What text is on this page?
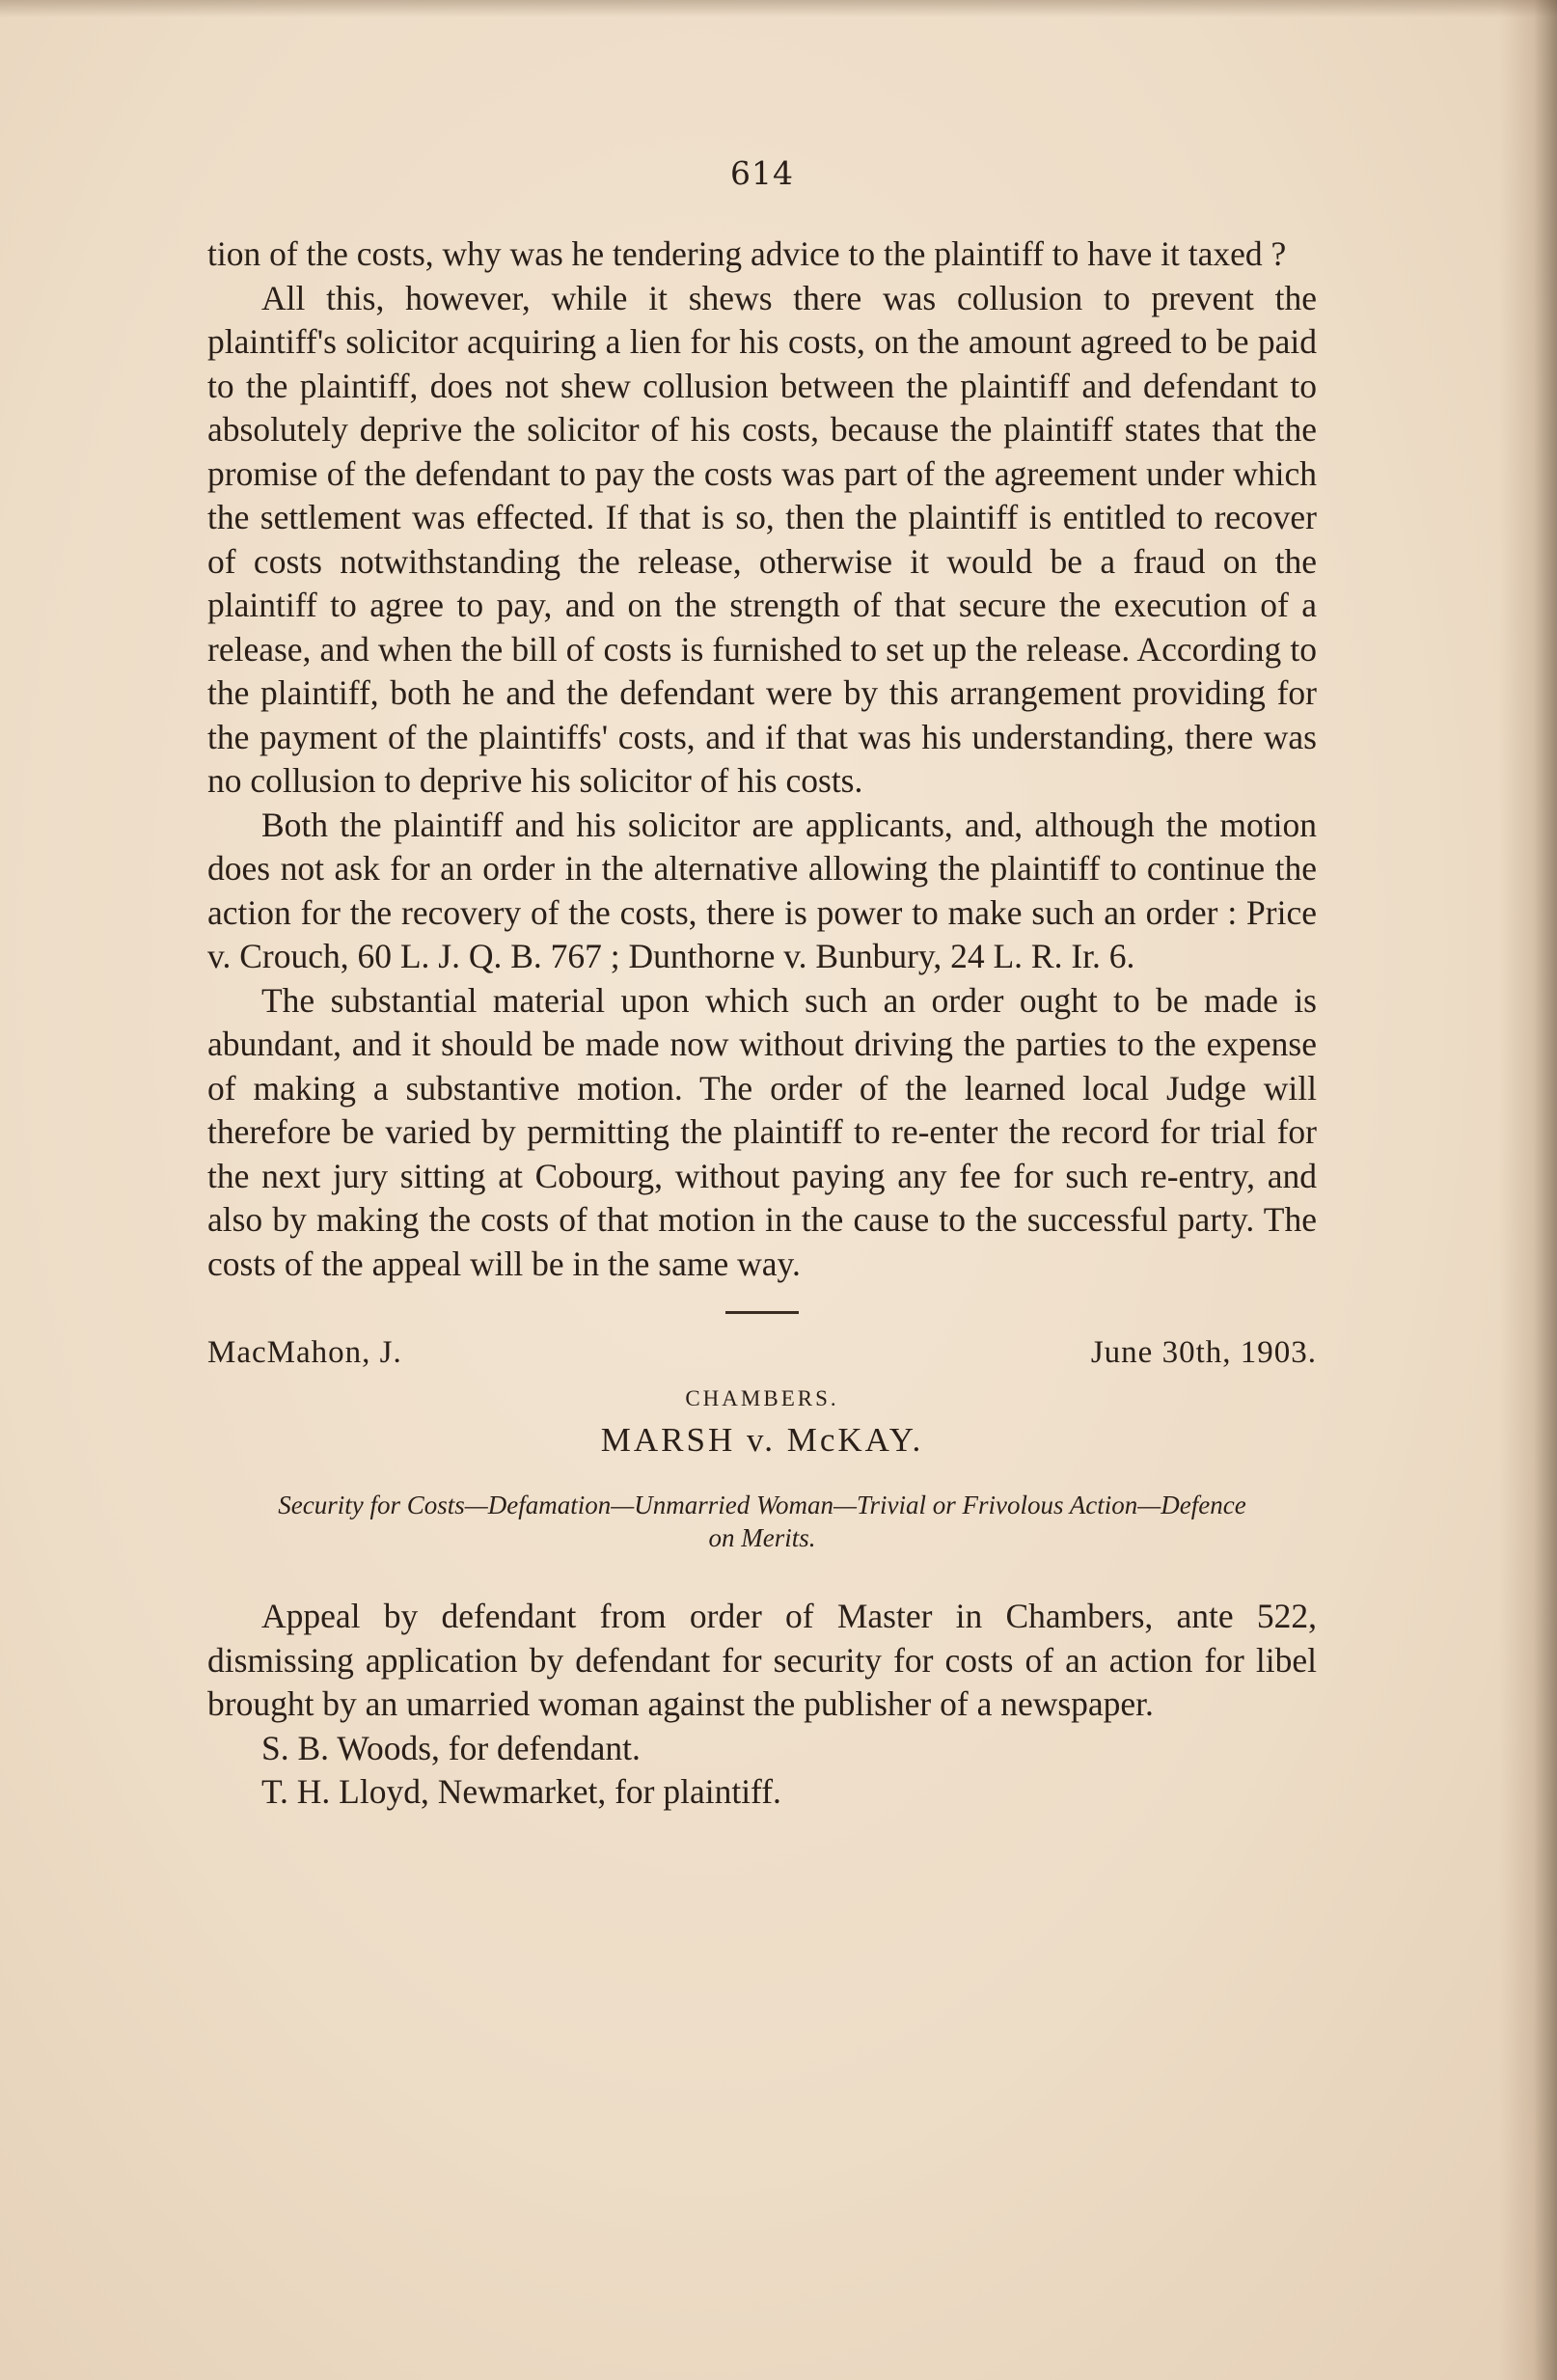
614

tion of the costs, why was he tendering advice to the plaintiff to have it taxed ?

All this, however, while it shews there was collusion to prevent the plaintiff's solicitor acquiring a lien for his costs, on the amount agreed to be paid to the plaintiff, does not shew collusion between the plaintiff and defendant to absolutely deprive the solicitor of his costs, because the plaintiff states that the promise of the defendant to pay the costs was part of the agreement under which the settlement was effected. If that is so, then the plaintiff is entitled to recover of costs notwithstanding the release, otherwise it would be a fraud on the plaintiff to agree to pay, and on the strength of that secure the execution of a release, and when the bill of costs is furnished to set up the release. According to the plaintiff, both he and the defendant were by this arrangement providing for the payment of the plaintiffs' costs, and if that was his understanding, there was no collusion to deprive his solicitor of his costs.

Both the plaintiff and his solicitor are applicants, and, although the motion does not ask for an order in the alternative allowing the plaintiff to continue the action for the recovery of the costs, there is power to make such an order : Price v. Crouch, 60 L. J. Q. B. 767 ; Dunthorne v. Bunbury, 24 L. R. Ir. 6.

The substantial material upon which such an order ought to be made is abundant, and it should be made now without driving the parties to the expense of making a substantive motion. The order of the learned local Judge will therefore be varied by permitting the plaintiff to re-enter the record for trial for the next jury sitting at Cobourg, without paying any fee for such re-entry, and also by making the costs of that motion in the cause to the successful party. The costs of the appeal will be in the same way.

MacMahon, J.	June 30th, 1903.
CHAMBERS.
MARSH v. McKAY.
Security for Costs—Defamation—Unmarried Woman—Trivial or Frivolous Action—Defence on Merits.

Appeal by defendant from order of Master in Chambers, ante 522, dismissing application by defendant for security for costs of an action for libel brought by an umarried woman against the publisher of a newspaper.

S. B. Woods, for defendant.

T. H. Lloyd, Newmarket, for plaintiff.
